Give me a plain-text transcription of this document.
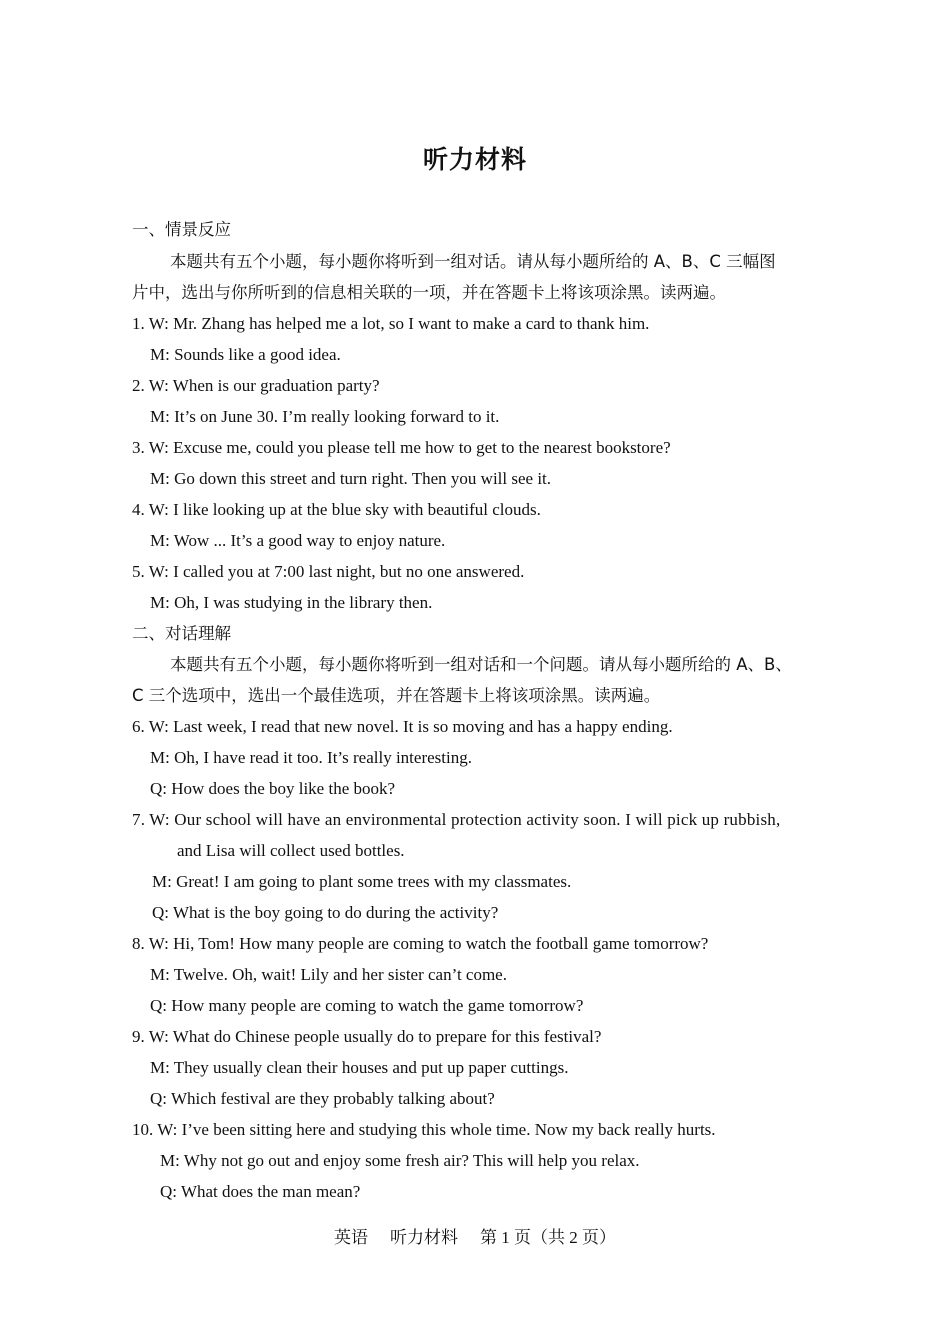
听力材料
一、情景反应
本题共有五个小题，每小题你将听到一组对话。请从每小题所给的 A、B、C 三幅图
片中，选出与你所听到的信息相关联的一项，并在答题卡上将该项涂黑。读两遍。
1. W: Mr. Zhang has helped me a lot, so I want to make a card to thank him.
M: Sounds like a good idea.
2. W: When is our graduation party?
M: It’s on June 30. I’m really looking forward to it.
3. W: Excuse me, could you please tell me how to get to the nearest bookstore?
M: Go down this street and turn right. Then you will see it.
4. W: I like looking up at the blue sky with beautiful clouds.
M: Wow ... It’s a good way to enjoy nature.
5. W: I called you at 7:00 last night, but no one answered.
M: Oh, I was studying in the library then.
二、对话理解
本题共有五个小题，每小题你将听到一组对话和一个问题。请从每小题所给的 A、B、
C 三个选项中，选出一个最佳选项，并在答题卡上将该项涂黑。读两遍。
6. W: Last week, I read that new novel. It is so moving and has a happy ending.
M: Oh, I have read it too. It’s really interesting.
Q: How does the boy like the book?
7. W: Our school will have an environmental protection activity soon. I will pick up rubbish,
and Lisa will collect used bottles.
M: Great! I am going to plant some trees with my classmates.
Q: What is the boy going to do during the activity?
8. W: Hi, Tom! How many people are coming to watch the football game tomorrow?
M: Twelve. Oh, wait! Lily and her sister can’t come.
Q: How many people are coming to watch the game tomorrow?
9. W: What do Chinese people usually do to prepare for this festival?
M: They usually clean their houses and put up paper cuttings.
Q: Which festival are they probably talking about?
10. W: I’ve been sitting here and studying this whole time. Now my back really hurts.
M: Why not go out and enjoy some fresh air? This will help you relax.
Q: What does the man mean?
英语 听力材料 第 1 页（共 2 页）
